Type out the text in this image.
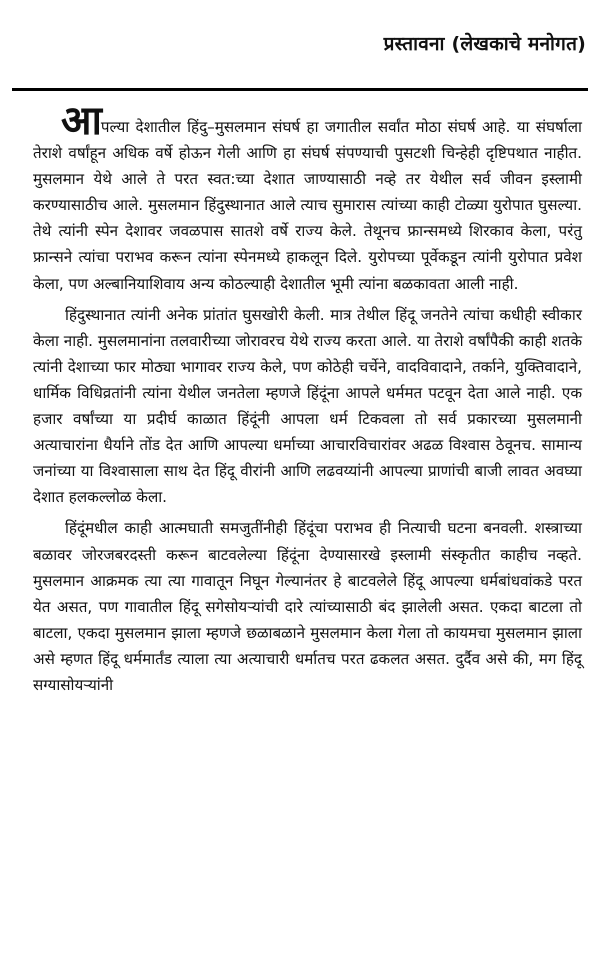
प्रस्तावना (लेखकाचे मनोगत)

आपल्या देशातील हिंदु–मुसलमान संघर्ष हा जगातील सर्वांत मोठा संघर्ष आहे. या संघर्षाला तेराशे वर्षांहून अधिक वर्षे होऊन गेली आणि हा संघर्ष संपण्याची पुसटशी चिन्हेही दृष्टिपथात नाहीत. मुसलमान येथे आले ते परत स्वत:च्या देशात जाण्यासाठी नव्हे तर येथील सर्व जीवन इस्लामी करण्यासाठीच आले. मुसलमान हिंदुस्थानात आले त्याच सुमारास त्यांच्या काही टोळ्या युरोपात घुसल्या. तेथे त्यांनी स्पेन देशावर जवळपास सातशे वर्षे राज्य केले. तेथूनच फ्रान्समध्ये शिरकाव केला, परंतु फ्रान्सने त्यांचा पराभव करून त्यांना स्पेनमध्ये हाकलून दिले. युरोपच्या पूर्वेकडून त्यांनी युरोपात प्रवेश केला, पण अल्बानियाशिवाय अन्य कोठल्याही देशातील भूमी त्यांना बळकावता आली नाही.

हिंदुस्थानात त्यांनी अनेक प्रांतांत घुसखोरी केली. मात्र तेथील हिंदू जनतेने त्यांचा कधीही स्वीकार केला नाही. मुसलमानांना तलवारीच्या जोरावरच येथे राज्य करता आले. या तेराशे वर्षांपैकी काही शतके त्यांनी देशाच्या फार मोठ्या भागावर राज्य केले, पण कोठेही चर्चेने, वादविवादाने, तर्काने, युक्तिवादाने, धार्मिक विधिव्रतांनी त्यांना येथील जनतेला म्हणजे हिंदूंना आपले धर्ममत पटवून देता आले नाही. एक हजार वर्षांच्या या प्रदीर्घ काळात हिंदूंनी आपला धर्म टिकवला तो सर्व प्रकारच्या मुसलमानी अत्याचारांना धैर्याने तोंड देत आणि आपल्या धर्माच्या आचारविचारांवर अढळ विश्वास ठेवूनच. सामान्य जनांच्या या विश्वासाला साथ देत हिंदू वीरांनी आणि लढवय्यांनी आपल्या प्राणांची बाजी लावत अवघ्या देशात हलकल्लोळ केला.

हिंदूंमधील काही आत्मघाती समजुतींनीही हिंदूंचा पराभव ही नित्याची घटना बनवली. शस्त्राच्या बळावर जोरजबरदस्ती करून बाटवलेल्या हिंदूंना देण्यासारखे इस्लामी संस्कृतीत काहीच नव्हते. मुसलमान आक्रमक त्या त्या गावातून निघून गेल्यानंतर हे बाटवलेले हिंदू आपल्या धर्मबांधवांकडे परत येत असत, पण गावातील हिंदू सगेसोयऱ्यांची दारे त्यांच्यासाठी बंद झालेली असत. एकदा बाटला तो बाटला, एकदा मुसलमान झाला म्हणजे छळाबळाने मुसलमान केला गेला तो कायमचा मुसलमान झाला असे म्हणत हिंदू धर्ममार्तंड त्याला त्या अत्याचारी धर्मातच परत ढकलत असत. दुर्दैव असे की, मग हिंदू सग्यासोयऱ्यांनी
